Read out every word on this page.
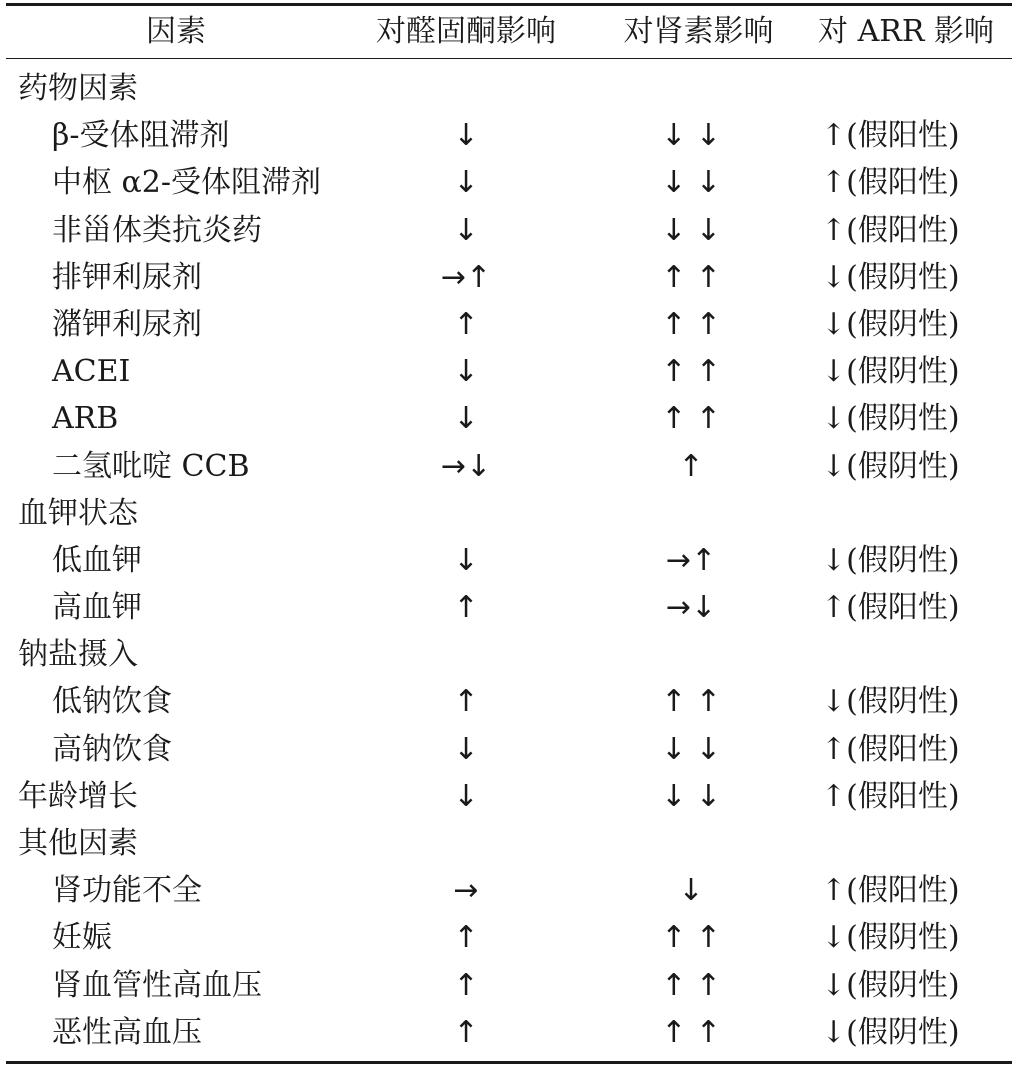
因素	对醛固酮影响	对肾素影响	对 ARR 影响
药物因素
β-受体阻滞剂	↓	↓ ↓	↑(假阳性)
中枢 α2-受体阻滞剂	↓	↓ ↓	↑(假阳性)
非甾体类抗炎药	↓	↓ ↓	↑(假阳性)
排钾利尿剂	→↑	↑ ↑	↓(假阴性)
潴钾利尿剂	↑	↑ ↑	↓(假阴性)
ACEI	↓	↑ ↑	↓(假阴性)
ARB	↓	↑ ↑	↓(假阴性)
二氢吡啶 CCB	→↓	↑	↓(假阴性)
血钾状态
低血钾	↓	→↑	↓(假阴性)
高血钾	↑	→↓	↑(假阳性)
钠盐摄入
低钠饮食	↑	↑ ↑	↓(假阴性)
高钠饮食	↓	↓ ↓	↑(假阳性)
年龄增长	↓	↓ ↓	↑(假阳性)
其他因素
肾功能不全	→	↓	↑(假阳性)
妊娠	↑	↑ ↑	↓(假阴性)
肾血管性高血压	↑	↑ ↑	↓(假阴性)
恶性高血压	↑	↑ ↑	↓(假阴性)
